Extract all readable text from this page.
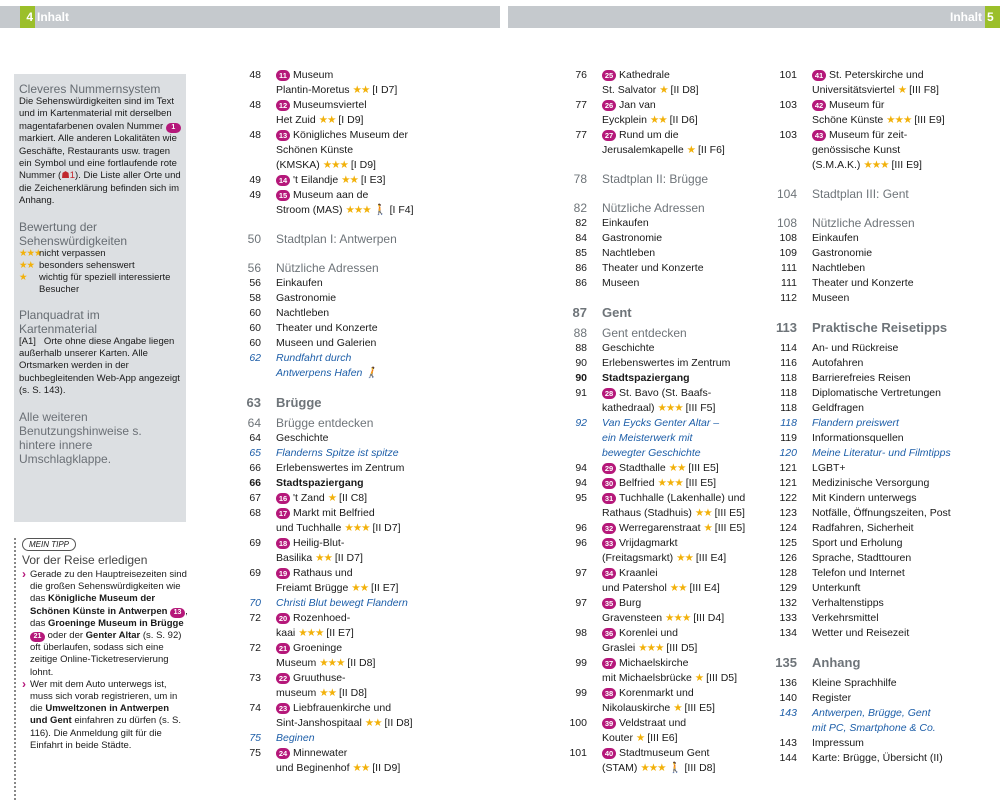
4 Inhalt	Inhalt 5
Cleveres Nummernsystem
Die Sehenswürdigkeiten sind im Text und im Kartenmaterial mit derselben magentafarbenen ovalen Nummer 1 markiert. Alle anderen Lokalitäten wie Geschäfte, Restaurants usw. tragen ein Symbol und eine fortlaufende rote Nummer (☗1). Die Liste aller Orte und die Zeichenerklärung befinden sich im Anhang.
Bewertung der Sehenswürdigkeiten
★★★
nicht verpassen
★★ besonders sehenswert
★	wichtig für speziell interessierte Besucher
Planquadrat im Kartenmaterial
[A1] Orte ohne diese Angabe liegen außerhalb unserer Karten. Alle Ortsmarken werden in der buchbegleitenden Web-App angezeigt (s. S. 143).
Alle weiteren Benutzungshinweise s. hintere innere Umschlagklappe.
MEIN TIPP
Vor der Reise erledigen
› Gerade zu den Hauptreisezeiten sind die großen Sehenswürdigkeiten wie das Königliche Museum der Schönen Künste in Antwerpen 13 , das Groeninge Museum in Brügge 21 oder der Genter Altar (s. S. 92) oft überlaufen, sodass sich eine zeitige Online-Ticketreservierung lohnt.
› Wer mit dem Auto unterwegs ist, muss sich vorab registrieren, um in die Umweltzonen in Antwerpen und Gent einfahren zu dürfen (s. S. 116). Die Anmeldung gilt für die Einfahrt in beide Städte.
48	11 Museum
Plantin-Moretus ★★ [I D7]
48	12 Museumsviertel
Het Zuid ★★ [I D9]
48	13 Königliches Museum der
Schönen Künste
(KMSKA) ★★★ [I D9]
49	14 't Eilandje ★★ [I E3]
49	15 Museum aan de
Stroom (MAS) ★★★ 🚶 [I F4]
50	Stadtplan I: Antwerpen
56	Nützliche Adressen
56	Einkaufen
58	Gastronomie
60	Nachtleben
60	Theater und Konzerte
60	Museen und Galerien
62	Rundfahrt durch
Antwerpens Hafen 🚶
63	Brügge
64	Brügge entdecken
64	Geschichte
65	Flanderns Spitze ist spitze
66	Erlebenswertes im Zentrum
66	Stadtspaziergang
67	16 't Zand ★ [II C8]
68	17 Markt mit Belfried
und Tuchhalle ★★★ [II D7]
69	18 Heilig-Blut-
Basilika ★★ [II D7]
69	19 Rathaus und
Freiamt Brügge ★★ [II E7]
70	Christi Blut bewegt Flandern
72	20 Rozenhoed-
kaai ★★★ [II E7]
72	21 Groeninge
Museum ★★★ [II D8]
73	22 Gruuthuse-
museum ★★ [II D8]
74	23 Liebfrauenkirche und
Sint-Janshospitaal ★★ [II D8]
75	Beginen
75	24 Minnewater
und Beginenhof ★★ [II D9]
76	25 Kathedrale
St. Salvator ★ [II D8]
77	26 Jan van
Eyckplein ★★ [II D6]
77	27 Rund um die
Jerusalemkapelle ★ [II F6]
78	Stadtplan II: Brügge
82	Nützliche Adressen
82	Einkaufen
84	Gastronomie
85	Nachtleben
86	Theater und Konzerte
86	Museen
87	Gent
88	Gent entdecken
88	Geschichte
90	Erlebenswertes im Zentrum
90	Stadtspaziergang
91	28 St. Bavo (St. Baafs-
kathedraal) ★★★ [III F5]
92	Van Eycks Genter Altar –
ein Meisterwerk mit
bewegter Geschichte
94	29 Stadthalle ★★ [III E5]
94	30 Belfried ★★★ [III E5]
95	31 Tuchhalle (Lakenhalle) und
Rathaus (Stadhuis) ★★ [III E5]
96	32 Werregarenstraat ★ [III E5]
96	33 Vrijdagmarkt
(Freitagsmarkt) ★★ [III E4]
97	34 Kraanlei
und Patershol ★★ [III E4]
97	35 Burg
Gravensteen ★★★ [III D4]
98	36 Korenlei und
Graslei ★★★ [III D5]
99	37 Michaelskirche
mit Michaelsbrücke ★ [III D5]
99	38 Korenmarkt und
Nikolauskirche ★ [III E5]
100	39 Veldstraat und
Kouter ★ [III E6]
101	40 Stadtmuseum Gent
(STAM) ★★★ 🚶 [III D8]
101	41 St. Peterskirche und
Universitätsviertel ★ [III F8]
103	42 Museum für
Schöne Künste ★★★ [III E9]
103	43 Museum für zeit-
genössische Kunst
(S.M.A.K.) ★★★ [III E9]
104	Stadtplan III: Gent
108	Nützliche Adressen
108	Einkaufen
109	Gastronomie
111	Nachtleben
111	Theater und Konzerte
112	Museen
113	Praktische Reisetipps
114	An- und Rückreise
116	Autofahren
118	Barrierefreies Reisen
118	Diplomatische Vertretungen
118	Geldfragen
118	Flandern preiswert
119	Informationsquellen
120	Meine Literatur- und Filmtipps
121	LGBT+
121	Medizinische Versorgung
122	Mit Kindern unterwegs
123	Notfälle, Öffnungszeiten, Post
124	Radfahren, Sicherheit
125	Sport und Erholung
126	Sprache, Stadttouren
128	Telefon und Internet
129	Unterkunft
132	Verhaltenstipps
133	Verkehrsmittel
134	Wetter und Reisezeit
135	Anhang
136	Kleine Sprachhilfe
140	Register
143	Antwerpen, Brügge, Gent
mit PC, Smartphone & Co.
143	Impressum
144	Karte: Brügge, Übersicht (II)
